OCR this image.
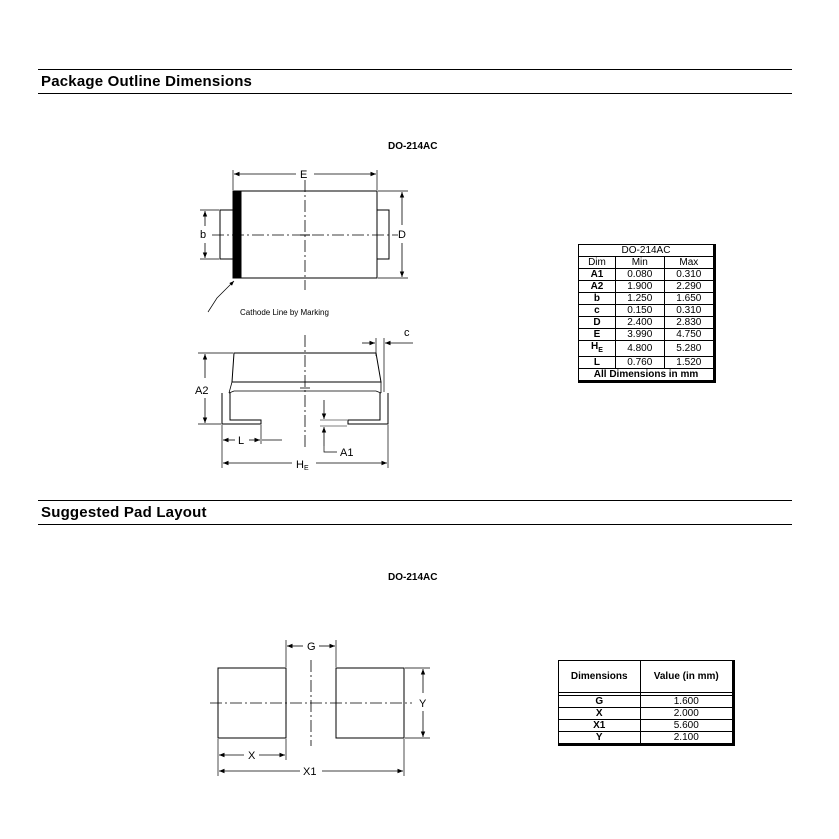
Package Outline Dimensions
Suggested Pad Layout
DO-214AC
DO-214AC
E
b	D
Cathode Line by Marking
c
A2
L
A1
HE
G
Y
X
X1
DO-214AC		
Dim	Min	Max
A1	0.080	0.310
A2	1.900	2.290
b	1.250	1.650
c	0.150	0.310
D	2.400	2.830
E	3.990	4.750
$H_E$	4.800	5.280
L	0.760	1.520
All Dimensions in mm		
Dimensions	Value (in mm)

G	1.600
X	2.000
X1	5.600
Y	2.100
